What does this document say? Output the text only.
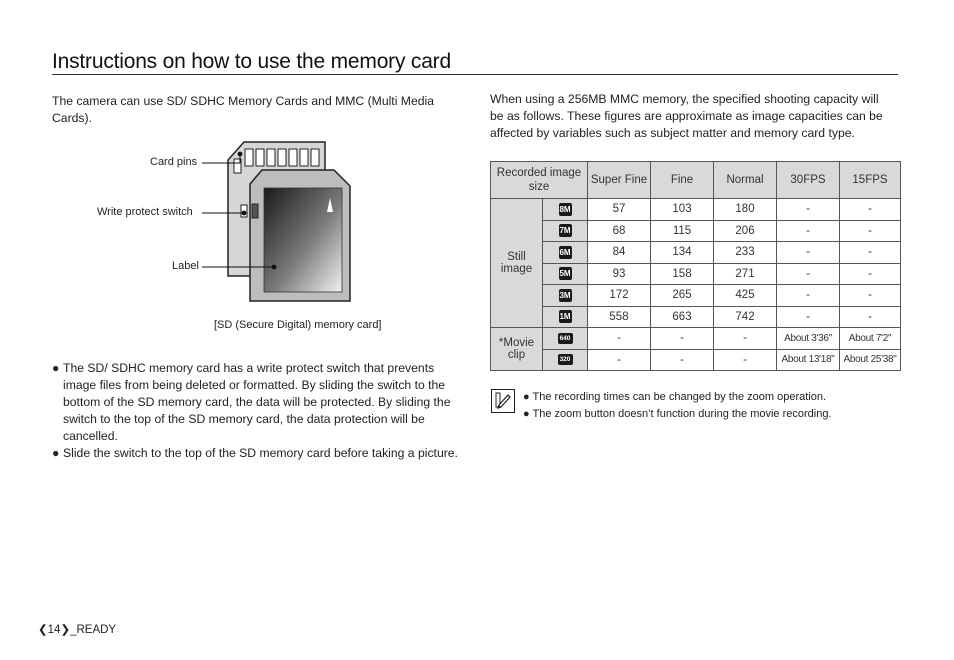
Instructions on how to use the memory card
The camera can use SD/ SDHC Memory Cards and MMC (Multi Media Cards).
When using a 256MB MMC memory, the specified shooting capacity will be as follows. These figures are approximate as image capacities can be affected by variables such as subject matter and memory card type.
Card pins
Write protect switch
Label
[SD (Secure Digital) memory card]

● The SD/ SDHC memory card has a write protect switch that prevents image files from being deleted or formatted. By sliding the switch to the bottom of the SD memory card, the data will be protected. By sliding the switch to the top of the SD memory card, the data protection will be cancelled.

● Slide the switch to the top of the SD memory card before taking a picture.

Recorded image size		Super Fine	Fine	Normal	30FPS	15FPS
Still image	8M	57	103	180	-	-
	7M	68	115	206	-	-
	6M	84	134	233	-	-
	5M	93	158	271	-	-
	3M	172	265	425	-	-
	1M	558	663	742	-	-
*Movie clip	640	-	-	-	About 3'36"	About 7'2"
	320	-	-	-	About 13'18"	About 25'38"
● The recording times can be changed by the zoom operation.
● The zoom button doesn’t function during the movie recording.
❮14❯_READY
